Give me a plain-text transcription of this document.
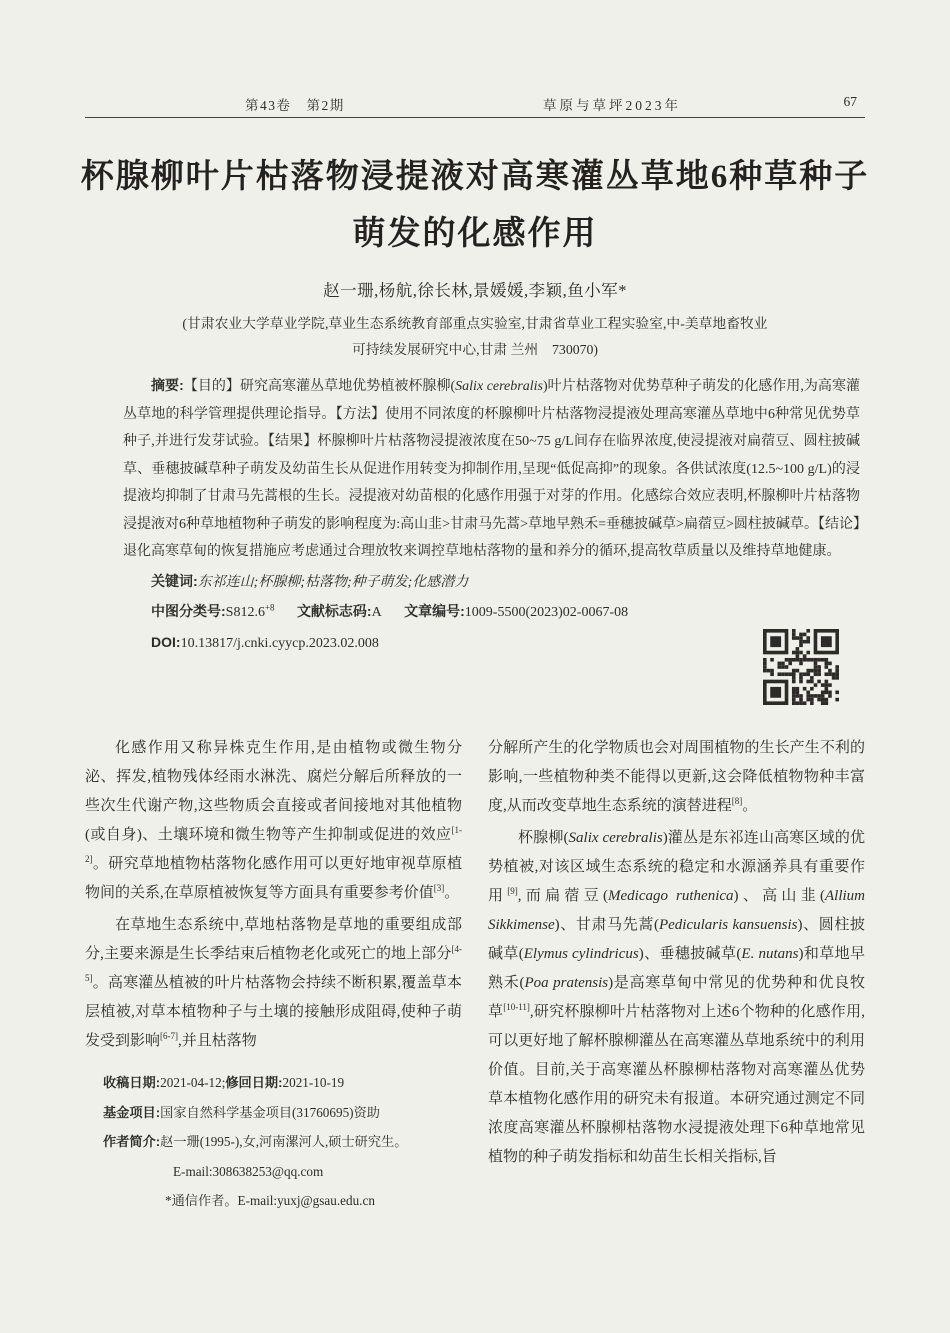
第43卷　第2期	草原与草坪2023年	67
杯腺柳叶片枯落物浸提液对高寒灌丛草地6种草种子
萌发的化感作用
赵一珊,杨航,徐长林,景媛媛,李颖,鱼小军*
(甘肃农业大学草业学院,草业生态系统教育部重点实验室,甘肃省草业工程实验室,中-美草地畜牧业
可持续发展研究中心,甘肃 兰州　730070)

摘要:【目的】研究高寒灌丛草地优势植被杯腺柳(Salix cerebralis)叶片枯落物对优势草种子萌发的化感作用,为高寒灌丛草地的科学管理提供理论指导。【方法】使用不同浓度的杯腺柳叶片枯落物浸提液处理高寒灌丛草地中6种常见优势草种子,并进行发芽试验。【结果】杯腺柳叶片枯落物浸提液浓度在50~75 g/L间存在临界浓度,使浸提液对扁蓿豆、圆柱披碱草、垂穗披碱草种子萌发及幼苗生长从促进作用转变为抑制作用,呈现“低促高抑”的现象。各供试浓度(12.5~100 g/L)的浸提液均抑制了甘肃马先蒿根的生长。浸提液对幼苗根的化感作用强于对芽的作用。化感综合效应表明,杯腺柳叶片枯落物浸提液对6种草地植物种子萌发的影响程度为:高山韭>甘肃马先蒿>草地早熟禾=垂穗披碱草>扁蓿豆>圆柱披碱草。【结论】退化高寒草甸的恢复措施应考虑通过合理放牧来调控草地枯落物的量和养分的循环,提高牧草质量以及维持草地健康。

关键词:东祁连山;杯腺柳;枯落物;种子萌发;化感潜力

中图分类号$:S812.6^{+8}$ 文献标志码:A 文章编号:1009-5500(2023)02-0067-08

DOI:10.13817/j.cnki.cyycp.2023.02.008

化感作用又称异株克生作用,是由植物或微生物分泌、挥发,植物残体经雨水淋洗、腐烂分解后所释放的一些次生代谢产物,这些物质会直接或者间接地对其他植物(或自身)、土壤环境和微生物等产生抑制或促进的效应[1-2]。研究草地植物枯落物化感作用可以更好地审视草原植物间的关系,在草原植被恢复等方面具有重要参考价值[3]。

在草地生态系统中,草地枯落物是草地的重要组成部分,主要来源是生长季结束后植物老化或死亡的地上部分[4-5]。高寒灌丛植被的叶片枯落物会持续不断积累,覆盖草本层植被,对草本植物种子与土壤的接触形成阻碍,使种子萌发受到影响[6-7],并且枯落物

收稿日期:2021-04-12;修回日期:2021-10-19

基金项目:国家自然科学基金项目(31760695)资助

作者简介:赵一珊(1995-),女,河南漯河人,硕士研究生。

E-mail:308638253@qq.com

*通信作者。E-mail:yuxj@gsau.edu.cn

分解所产生的化学物质也会对周围植物的生长产生不利的影响,一些植物种类不能得以更新,这会降低植物物种丰富度,从而改变草地生态系统的演替进程[8]。

杯腺柳(Salix cerebralis)灌丛是东祁连山高寒区域的优势植被,对该区域生态系统的稳定和水源涵养具有重要作用[9],而扁蓿豆(Medicago ruthenica)、高山韭(Allium Sikkimense)、甘肃马先蒿(Pedicularis kansuensis)、圆柱披碱草(Elymus cylindricus)、垂穗披碱草(E. nutans)和草地早熟禾(Poa pratensis)是高寒草甸中常见的优势种和优良牧草[10-11],研究杯腺柳叶片枯落物对上述6个物种的化感作用,可以更好地了解杯腺柳灌丛在高寒灌丛草地系统中的利用价值。目前,关于高寒灌丛杯腺柳枯落物对高寒灌丛优势草本植物化感作用的研究未有报道。本研究通过测定不同浓度高寒灌丛杯腺柳枯落物水浸提液处理下6种草地常见植物的种子萌发指标和幼苗生长相关指标,旨
